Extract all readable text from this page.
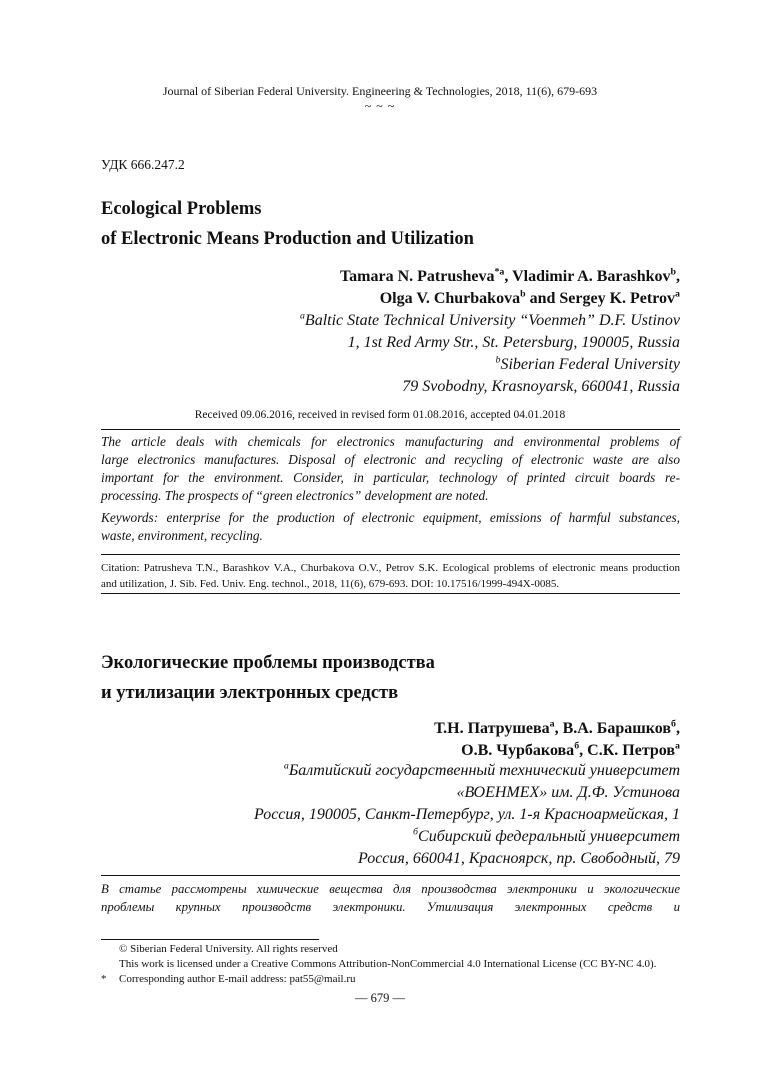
Journal of Siberian Federal University. Engineering & Technologies, 2018, 11(6), 679-693
~ ~ ~
УДК 666.247.2
Ecological Problems
of Electronic Means Production and Utilization
Tamara N. Patrusheva$^{*a}$, Vladimir A. Barashkov$^b$,
Olga V. Churbakova$^b$ and Sergey K. Petrov$^a$
$^a$Baltic State Technical University “Voenmeh” D.F. Ustinov
1, 1st Red Army Str., St. Petersburg, 190005, Russia
$^b$Siberian Federal University
79 Svobodny, Krasnoyarsk, 660041, Russia
Received 09.06.2016, received in revised form 01.08.2016, accepted 04.01.2018
The article deals with chemicals for electronics manufacturing and environmental problems of
large electronics manufactures. Disposal of electronic and recycling of electronic waste are also
important for the environment. Consider, in particular, technology of printed circuit boards re-
processing. The prospects of “green electronics” development are noted.
Keywords: enterprise for the production of electronic equipment, emissions of harmful substances,
waste, environment, recycling.
Citation: Patrusheva T.N., Barashkov V.A., Churbakova O.V., Petrov S.K. Ecological problems of electronic means production
and utilization, J. Sib. Fed. Univ. Eng. technol., 2018, 11(6), 679-693. DOI: 10.17516/1999-494X-0085.
Экологические проблемы производства
и утилизации электронных средств
Т.Н. Патрушева$^а$, В.А. Барашков$^б$,
О.В. Чурбакова$^б$, С.К. Петров$^а$
$^а$Балтийский государственный технический университет
«ВОЕНМЕХ» им. Д.Ф. Устинова
Россия, 190005, Санкт-Петербург, ул. 1-я Красноармейская, 1
$^б$Сибирский федеральный университет
Россия, 660041, Красноярск, пр. Свободный, 79
В статье рассмотрены химические вещества для производства электроники и экологические
проблемы крупных производств электроники. Утилизация электронных средств и
© Siberian Federal University. All rights reserved
This work is licensed under a Creative Commons Attribution-NonCommercial 4.0 International License (CC BY-NC 4.0).
* Corresponding author E-mail address: pat55@mail.ru
— 679 —
